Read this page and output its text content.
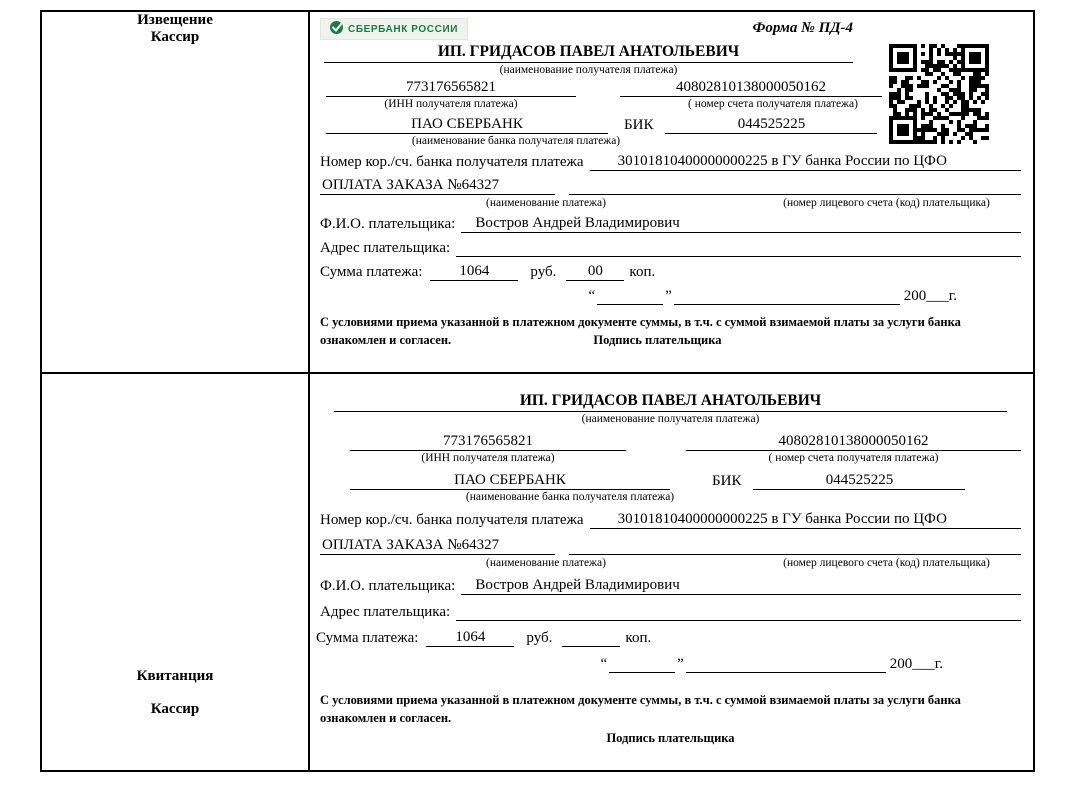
Извещение
Кассир	СБЕРБАНК РОССИИ	Форма № ПД-4
ИП. ГРИДАСОВ ПАВЕЛ АНАТОЛЬЕВИЧ
(наименование получателя платежа)
773176565821	40802810138000050162
(ИНН получателя платежа)	( номер счета получателя платежа)
ПАО СБЕРБАНК	БИК	044525225
(наименование банка получателя платежа)
Номер кор./сч. банка получателя платежа	30101810400000000225 в ГУ банка России по ЦФО
ОПЛАТА ЗАКАЗА №64327
(наименование платежа)	(номер лицевого счета (код) плательщика)
Ф.И.О. плательщика:	Востров Андрей Владимирович
Адрес плательщика:
Сумма платежа:	1064	руб.	00	коп.
“	”	200___г.

С условиями приема указанной в платежном документе суммы, в т.ч. с суммой взимаемой платы за услуги банка ознакомлен и согласен.	Подпись плательщика
Квитанция
Кассир
ИП. ГРИДАСОВ ПАВЕЛ АНАТОЛЬЕВИЧ
(наименование получателя платежа)
773176565821	40802810138000050162
(ИНН получателя платежа)	( номер счета получателя платежа)
ПАО СБЕРБАНК	БИК	044525225
(наименование банка получателя платежа)
Номер кор./сч. банка получателя платежа	30101810400000000225 в ГУ банка России по ЦФО
ОПЛАТА ЗАКАЗА №64327
(наименование платежа)	(номер лицевого счета (код) плательщика)
Ф.И.О. плательщика:	Востров Андрей Владимирович
Адрес плательщика:
Сумма платежа:	1064	руб.	коп.
“	”	200___г.

С условиями приема указанной в платежном документе суммы, в т.ч. с суммой взимаемой платы за услуги банка ознакомлен и согласен.

Подпись плательщика
